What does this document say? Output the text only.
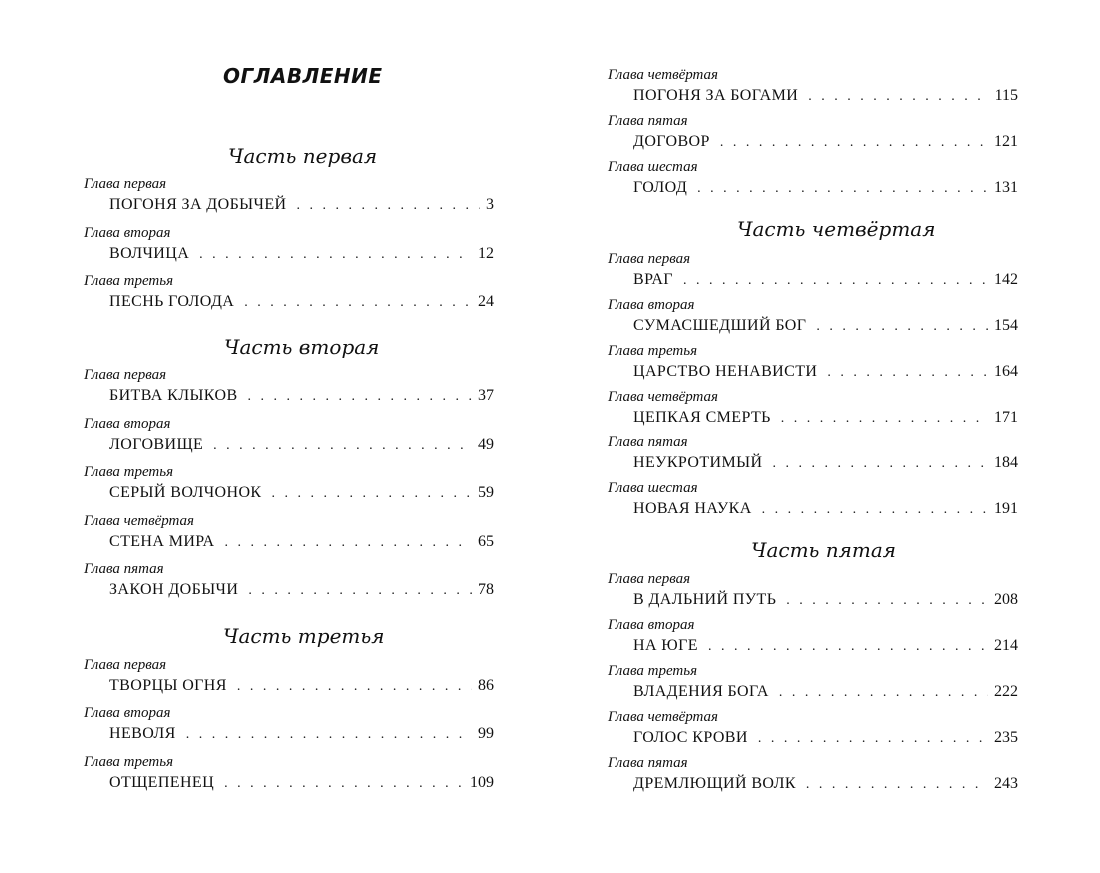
ОГЛАВЛЕНИЕ
Часть первая
Глава первая
ПОГОНЯ ЗА ДОБЫЧЕЙ . . .	3
Глава вторая
ВОЛЧИЦА . . .	12
Глава третья
ПЕСНЬ ГОЛОДА . . .	24
Часть вторая
Глава первая
БИТВА КЛЫКОВ . . .	37
Глава вторая
ЛОГОВИЩЕ . . .	49
Глава третья
СЕРЫЙ ВОЛЧОНОК . . .	59
Глава четвёртая
СТЕНА МИРА . . .	65
Глава пятая
ЗАКОН ДОБЫЧИ . . .	78
Часть третья
Глава первая
ТВОРЦЫ ОГНЯ . . .	86
Глава вторая
НЕВОЛЯ . . .	99
Глава третья
ОТЩЕПЕНЕЦ . . .	109
Глава четвёртая
ПОГОНЯ ЗА БОГАМИ . . .	115
Глава пятая
ДОГОВОР . . .	121
Глава шестая
ГОЛОД . . .	131
Часть четвёртая
Глава первая
ВРАГ . . .	142
Глава вторая
СУМАСШЕДШИЙ БОГ . . .	154
Глава третья
ЦАРСТВО НЕНАВИСТИ . . .	164
Глава четвёртая
ЦЕПКАЯ СМЕРТЬ . . .	171
Глава пятая
НЕУКРОТИМЫЙ . . .	184
Глава шестая
НОВАЯ НАУКА . . .	191
Часть пятая
Глава первая
В ДАЛЬНИЙ ПУТЬ . . .	208
Глава вторая
НА ЮГЕ . . .	214
Глава третья
ВЛАДЕНИЯ БОГА . . .	222
Глава четвёртая
ГОЛОС КРОВИ . . .	235
Глава пятая
ДРЕМЛЮЩИЙ ВОЛК . . .	243
